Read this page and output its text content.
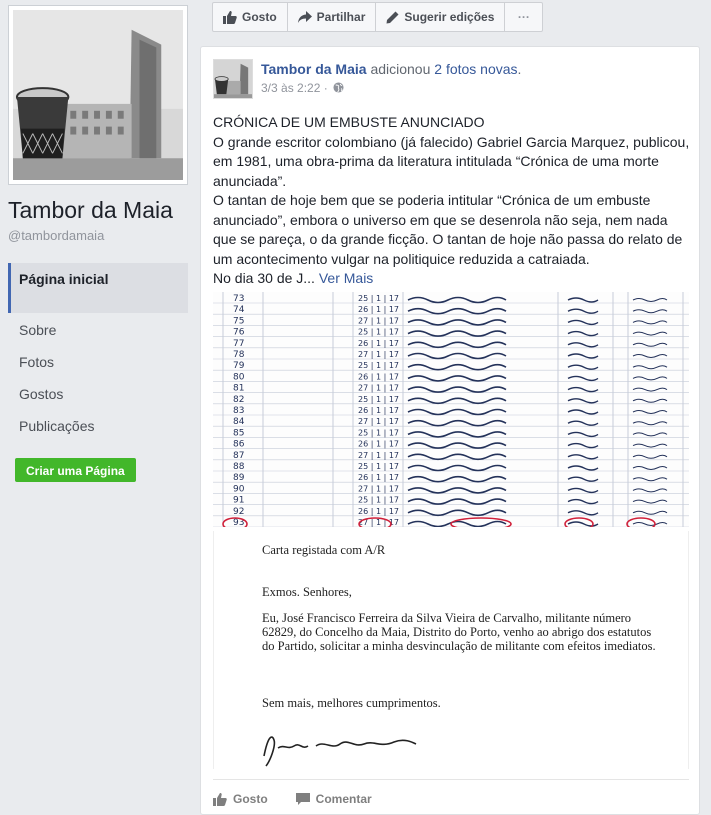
Tambor da Maia
@tambordamaia
Página inicial
Sobre
Fotos
Gostos
Publicações
Criar uma Página
Gosto	Partilhar	Sugerir edições ···
Tambor da Maia adicionou 2 fotos novas.
3/3 às 2:22 ·

CRÓNICA DE UM EMBUSTE ANUNCIADO

O grande escritor colombiano (já falecido) Gabriel Garcia Marquez, publicou, em 1981, uma obra-prima da literatura intitulada “Crónica de uma morte anunciada”.

O tantan de hoje bem que se poderia intitular “Crónica de um embuste anunciado”, embora o universo em que se desenrola não seja, nem nada que se pareça, o da grande ficção. O tantan de hoje não passa do relato de um acontecimento vulgar na politiquice reduzida a catraiada.

No dia 30 de J... Ver Mais

73	25 | 1 | 17
74	26 | 1 | 17
75	27 | 1 | 17
76	25 | 1 | 17
77	26 | 1 | 17
78	27 | 1 | 17
79	25 | 1 | 17
80	26 | 1 | 17
81	27 | 1 | 17
82	25 | 1 | 17
83	26 | 1 | 17
84	27 | 1 | 17
85	25 | 1 | 17
86	26 | 1 | 17
87	27 | 1 | 17
88	25 | 1 | 17
89	26 | 1 | 17
90	27 | 1 | 17
91	25 | 1 | 17
92	26 | 1 | 17
93	27 | 1 | 17
Carta registada com A/R
Exmos. Senhores,
Eu, José Francisco Ferreira da Silva Vieira de Carvalho, militante número 62829, do Concelho da Maia, Distrito do Porto, venho ao abrigo dos estatutos do Partido, solicitar a minha desvinculação de militante com efeitos imediatos.
Sem mais, melhores cumprimentos.
Gosto	Comentar
